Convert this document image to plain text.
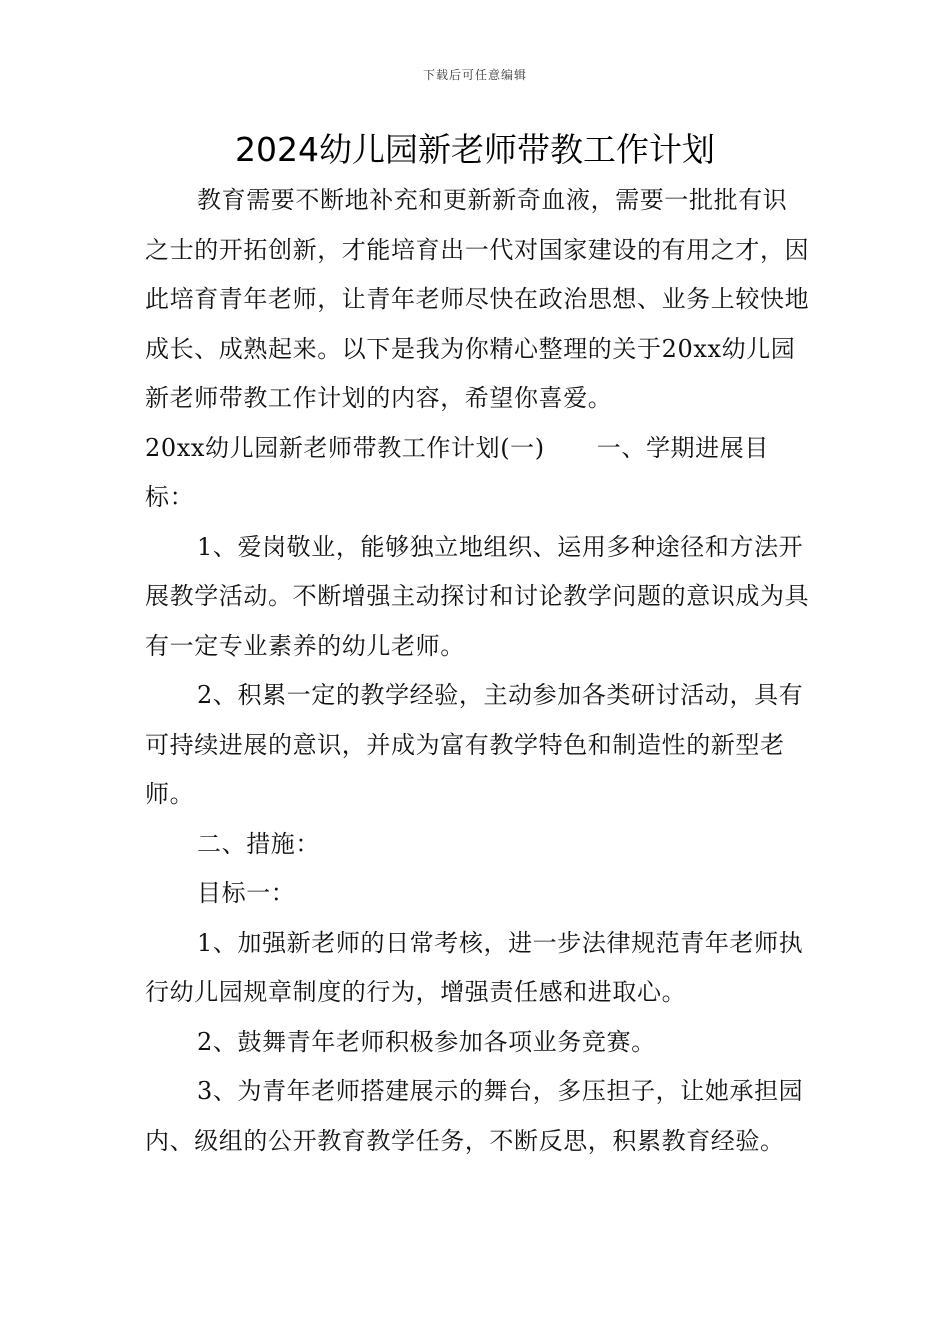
下载后可任意编辑
2024幼儿园新老师带教工作计划

教育需要不断地补充和更新新奇血液，需要一批批有识之士的开拓创新，才能培育出一代对国家建设的有用之才，因此培育青年老师，让青年老师尽快在政治思想、业务上较快地成长、成熟起来。以下是我为你精心整理的关于20xx幼儿园新老师带教工作计划的内容，希望你喜爱。

20xx幼儿园新老师带教工作计划(一) 一、学期进展目标：

1、爱岗敬业，能够独立地组织、运用多种途径和方法开展教学活动。不断增强主动探讨和讨论教学问题的意识成为具有一定专业素养的幼儿老师。

2、积累一定的教学经验，主动参加各类研讨活动，具有可持续进展的意识，并成为富有教学特色和制造性的新型老师。

二、措施：

目标一：

1、加强新老师的日常考核，进一步法律规范青年老师执行幼儿园规章制度的行为，增强责任感和进取心。

2、鼓舞青年老师积极参加各项业务竞赛。

3、为青年老师搭建展示的舞台，多压担子，让她承担园内、级组的公开教育教学任务，不断反思，积累教育经验。
